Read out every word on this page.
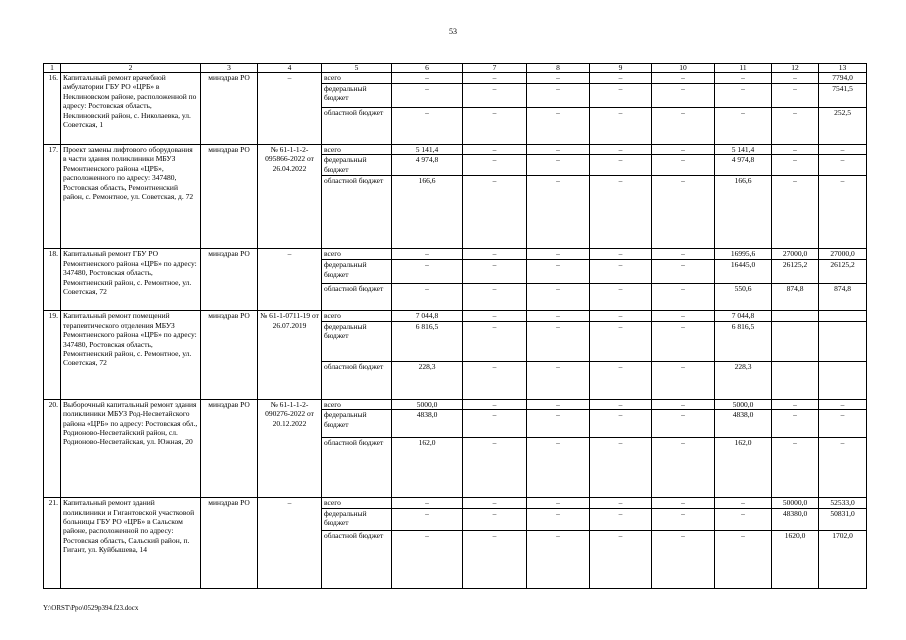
53
1	2	3	4	5	6	7	8	9	10	11	12	13
16.	Капитальный ремонт врачебной амбулатории ГБУ РО «ЦРБ» в Неклиновском районе, расположенной по адресу: Ростовская область, Неклиновский район, с. Николаевка, ул. Советская, 1	минздрав РО	–	всего	–	–	–	–	–	–	–	7794,0
				федеральный бюджет	–	–	–	–	–	–	–	7541,5
				областной бюджет	–	–	–	–	–	–	–	252,5
17.	Проект замены лифтового оборудования в части здания поликлиники МБУЗ Ремонтненского района «ЦРБ», расположенного по адресу: 347480, Ростовская область, Ремонтненский район, с. Ремонтное, ул. Советская, д. 72	минздрав РО	№ 61-1-1-2-095866-2022 от 26.04.2022	всего	5 141,4	–	–	–	–	5 141,4	–	–
				федеральный бюджет	4 974,8	–	–	–	–	4 974,8	–	–
				областной бюджет	166,6	–	–	–	–	166,6	–	–
18.	Капитальный ремонт ГБУ РО Ремонтненского района «ЦРБ» по адресу: 347480, Ростовская область, Ремонтненский район, с. Ремонтное, ул. Советская, 72	минздрав РО	–	всего	–	–	–	–	–	16995,6	27000,0	27000,0
				федеральный бюджет	–	–	–	–	–	16445,0	26125,2	26125,2
				областной бюджет	–	–	–	–	–	550,6	874,8	874,8
19.	Капитальный ремонт помещений терапевтического отделения МБУЗ Ремонтненского района «ЦРБ» по адресу: 347480, Ростовская область, Ремонтненский район, с. Ремонтное, ул. Советская, 72	минздрав РО	№ 61-1-0711-19 от 26.07.2019	всего	7 044,8	–	–	–	–	7 044,8		
				федеральный бюджет	6 816,5	–	–	–	–	6 816,5		
				областной бюджет	228,3	–	–	–	–	228,3		
20.	Выборочный капитальный ремонт здания поликлиники МБУЗ Род-Несветайского района «ЦРБ» по адресу: Ростовская обл., Родионово-Несветайский район, сл. Родионово-Несветайская, ул. Южная, 20	минздрав РО	№ 61-1-1-2-090276-2022 от 20.12.2022	всего	5000,0	–	–	–	–	5000,0	–	–
				федеральный бюджет	4838,0	–	–	–	–	4838,0	–	–
				областной бюджет	162,0	–	–	–	–	162,0	–	–
21.	Капитальный ремонт зданий поликлиники и Гигантовской участковой больницы ГБУ РО «ЦРБ» в Сальском районе, расположенной по адресу: Ростовская область, Сальский район, п. Гигант, ул. Куйбышева, 14	минздрав РО	–	всего	–	–	–	–	–	–	50000,0	52533,0
				федеральный бюджет	–	–	–	–	–	–	48380,0	50831,0
				областной бюджет	–	–	–	–	–	–	1620,0	1702,0
Y:\ORST\Ppo\0529p394.f23.docx
